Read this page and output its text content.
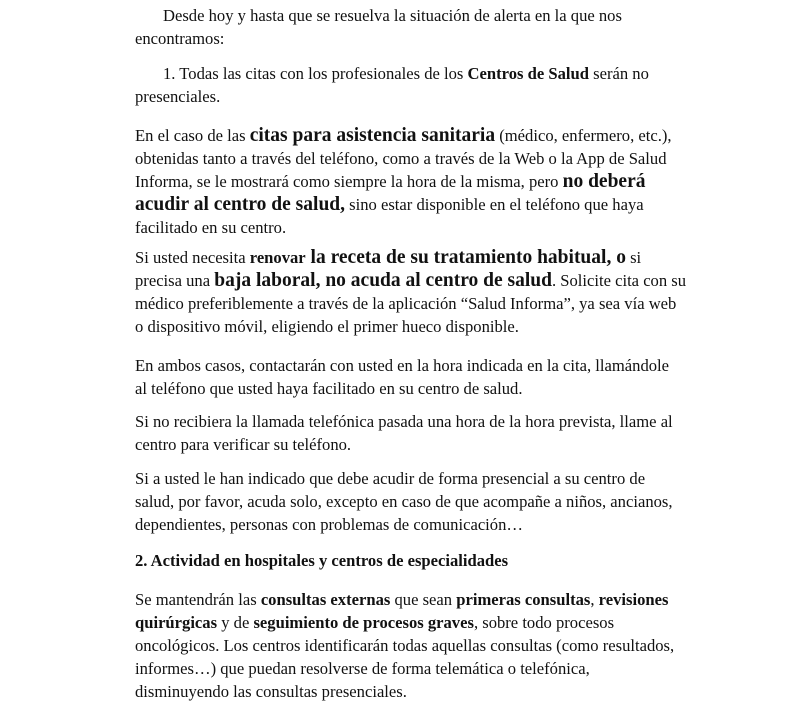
Desde hoy y hasta que se resuelva la situación de alerta en la que nos
encontramos:
1. Todas las citas con los profesionales de los Centros de Salud serán no
presenciales.
En el caso de las citas para asistencia sanitaria (médico, enfermero, etc.),
obtenidas tanto a través del teléfono, como a través de la Web o la App de Salud
Informa, se le mostrará como siempre la hora de la misma, pero no deberá
acudir al centro de salud, sino estar disponible en el teléfono que haya
facilitado en su centro.
Si usted necesita renovar la receta de su tratamiento habitual, o si
precisa una baja laboral, no acuda al centro de salud. Solicite cita con su
médico preferiblemente a través de la aplicación “Salud Informa”, ya sea vía web
o dispositivo móvil, eligiendo el primer hueco disponible.
En ambos casos, contactarán con usted en la hora indicada en la cita, llamándole
al teléfono que usted haya facilitado en su centro de salud.
Si no recibiera la llamada telefónica pasada una hora de la hora prevista, llame al
centro para verificar su teléfono.
Si a usted le han indicado que debe acudir de forma presencial a su centro de
salud, por favor, acuda solo, excepto en caso de que acompañe a niños, ancianos,
dependientes, personas con problemas de comunicación…
2. Actividad en hospitales y centros de especialidades
Se mantendrán las consultas externas que sean primeras consultas, revisiones
quirúrgicas y de seguimiento de procesos graves, sobre todo procesos
oncológicos. Los centros identificarán todas aquellas consultas (como resultados,
informes…) que puedan resolverse de forma telemática o telefónica,
disminuyendo las consultas presenciales.
